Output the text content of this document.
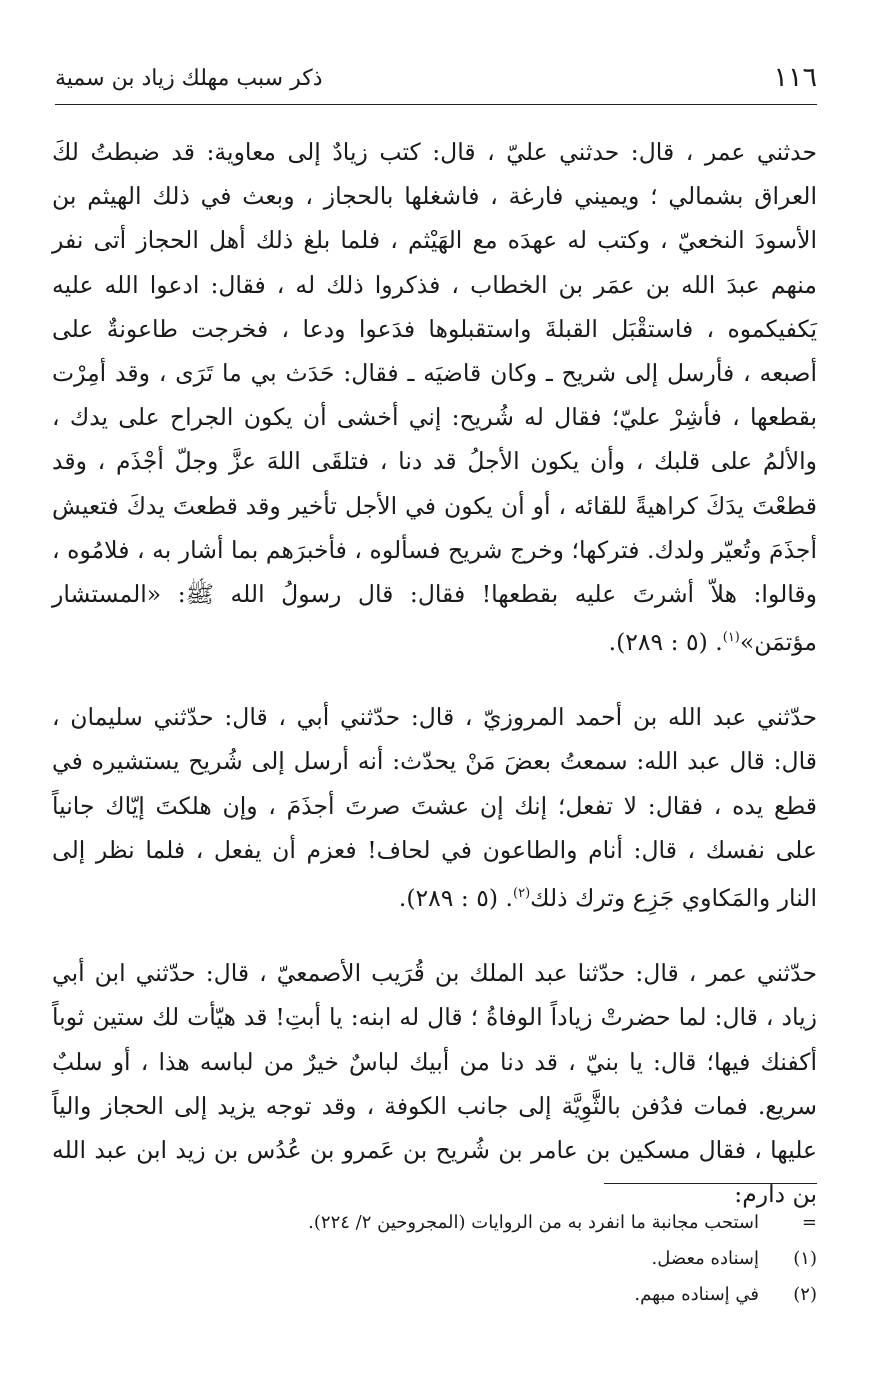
١١٦
ذكر سبب مهلك زياد بن سمية

حدثني عمر ، قال: حدثني عليّ ، قال: كتب زيادٌ إلى معاوية: قد ضبطتُ لكَ العراق بشمالي ؛ ويميني فارغة ، فاشغلها بالحجاز ، وبعث في ذلك الهيثم بن الأسودَ النخعيّ ، وكتب له عهدَه مع الهَيْثم ، فلما بلغ ذلك أهل الحجاز أتى نفر منهم عبدَ الله بن عمَر بن الخطاب ، فذكروا ذلك له ، فقال: ادعوا الله عليه يَكفيكموه ، فاستقْبَل القبلةَ واستقبلوها فدَعوا ودعا ، فخرجت طاعونةٌ على أصبعه ، فأرسل إلى شريح ـ وكان قاضيَه ـ فقال: حَدَث بي ما تَرَى ، وقد أمِرْت بقطعها ، فأشِرْ عليّ؛ فقال له شُريح: إني أخشى أن يكون الجراح على يدك ، والألمُ على قلبك ، وأن يكون الأجلُ قد دنا ، فتلقَى اللهَ عزَّ وجلّ أجْذَم ، وقد قطعْتَ يدَكَ كراهيةً للقائه ، أو أن يكون في الأجل تأخير وقد قطعتَ يدكَ فتعيش أجذَمَ وتُعيّر ولدك. فتركها؛ وخرج شريح فسألوه ، فأخبرَهم بما أشار به ، فلامُوه ، وقالوا: هلاّ أشرتَ عليه بقطعها! فقال: قال رسولُ الله ﷺ: «المستشار مؤتمَن»$^{(١)}$. (٥ : ٢٨٩).

حدّثني عبد الله بن أحمد المروزيّ ، قال: حدّثني أبي ، قال: حدّثني سليمان ، قال: قال عبد الله: سمعتُ بعضَ مَنْ يحدّث: أنه أرسل إلى شُريح يستشيره في قطع يده ، فقال: لا تفعل؛ إنك إن عشتَ صرتَ أجذَمَ ، وإن هلكتَ إيّاك جانياً على نفسك ، قال: أنام والطاعون في لحاف! فعزم أن يفعل ، فلما نظر إلى النار والمَكاوي جَزِع وترك ذلك$^{(٢)}$. (٥ : ٢٨٩).

حدّثني عمر ، قال: حدّثنا عبد الملك بن قُرَيب الأصمعيّ ، قال: حدّثني ابن أبي زياد ، قال: لما حضرتْ زياداً الوفاةُ ؛ قال له ابنه: يا أبتِ! قد هيّأت لك ستين ثوباً أكفنك فيها؛ قال: يا بنيّ ، قد دنا من أبيك لباسٌ خيرٌ من لباسه هذا ، أو سلبٌ سريع. فمات فدُفن بالثَّوِيَّة إلى جانب الكوفة ، وقد توجه يزيد إلى الحجاز والياً عليها ، فقال مسكين بن عامر بن شُريح بن عَمرو بن عُدُس بن زيد ابن عبد الله بن دارم:

=استحب مجانبة ما انفرد به من الروايات (المجروحين ٢/ ٢٢٤).
(١)إسناده معضل.
(٢)في إسناده مبهم.
